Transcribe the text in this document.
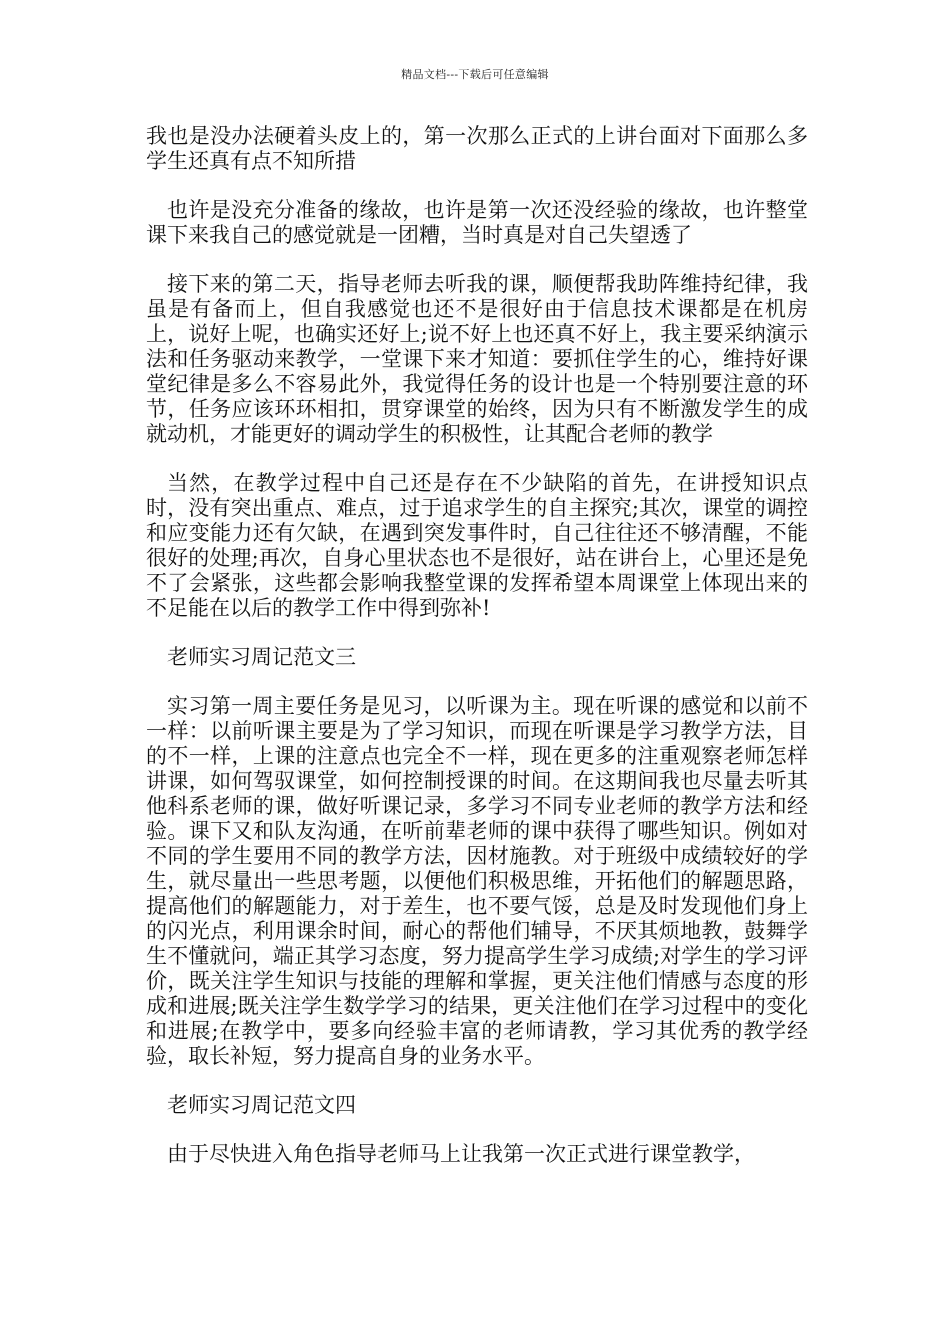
精品文档---下载后可任意编辑

我也是没办法硬着头皮上的，第一次那么正式的上讲台面对下面那么多学生还真有点不知所措

也许是没充分准备的缘故，也许是第一次还没经验的缘故，也许整堂课下来我自己的感觉就是一团糟，当时真是对自己失望透了

接下来的第二天，指导老师去听我的课，顺便帮我助阵维持纪律，我虽是有备而上，但自我感觉也还不是很好由于信息技术课都是在机房上，说好上呢，也确实还好上;说不好上也还真不好上，我主要采纳演示法和任务驱动来教学，一堂课下来才知道：要抓住学生的心，维持好课堂纪律是多么不容易此外，我觉得任务的设计也是一个特别要注意的环节，任务应该环环相扣，贯穿课堂的始终，因为只有不断激发学生的成就动机，才能更好的调动学生的积极性，让其配合老师的教学

当然，在教学过程中自己还是存在不少缺陷的首先，在讲授知识点时，没有突出重点、难点，过于追求学生的自主探究;其次，课堂的调控和应变能力还有欠缺，在遇到突发事件时，自己往往还不够清醒，不能很好的处理;再次，自身心里状态也不是很好，站在讲台上，心里还是免不了会紧张，这些都会影响我整堂课的发挥希望本周课堂上体现出来的不足能在以后的教学工作中得到弥补!

老师实习周记范文三

实习第一周主要任务是见习，以听课为主。现在听课的感觉和以前不一样：以前听课主要是为了学习知识，而现在听课是学习教学方法，目的不一样，上课的注意点也完全不一样，现在更多的注重观察老师怎样讲课，如何驾驭课堂，如何控制授课的时间。在这期间我也尽量去听其他科系老师的课，做好听课记录，多学习不同专业老师的教学方法和经验。课下又和队友沟通，在听前辈老师的课中获得了哪些知识。例如对不同的学生要用不同的教学方法，因材施教。对于班级中成绩较好的学生，就尽量出一些思考题，以便他们积极思维，开拓他们的解题思路，提高他们的解题能力，对于差生，也不要气馁，总是及时发现他们身上的闪光点，利用课余时间，耐心的帮他们辅导，不厌其烦地教，鼓舞学生不懂就问，端正其学习态度，努力提高学生学习成绩;对学生的学习评价，既关注学生知识与技能的理解和掌握，更关注他们情感与态度的形成和进展;既关注学生数学学习的结果，更关注他们在学习过程中的变化和进展;在教学中，要多向经验丰富的老师请教，学习其优秀的教学经验，取长补短，努力提高自身的业务水平。

老师实习周记范文四

由于尽快进入角色指导老师马上让我第一次正式进行课堂教学，
